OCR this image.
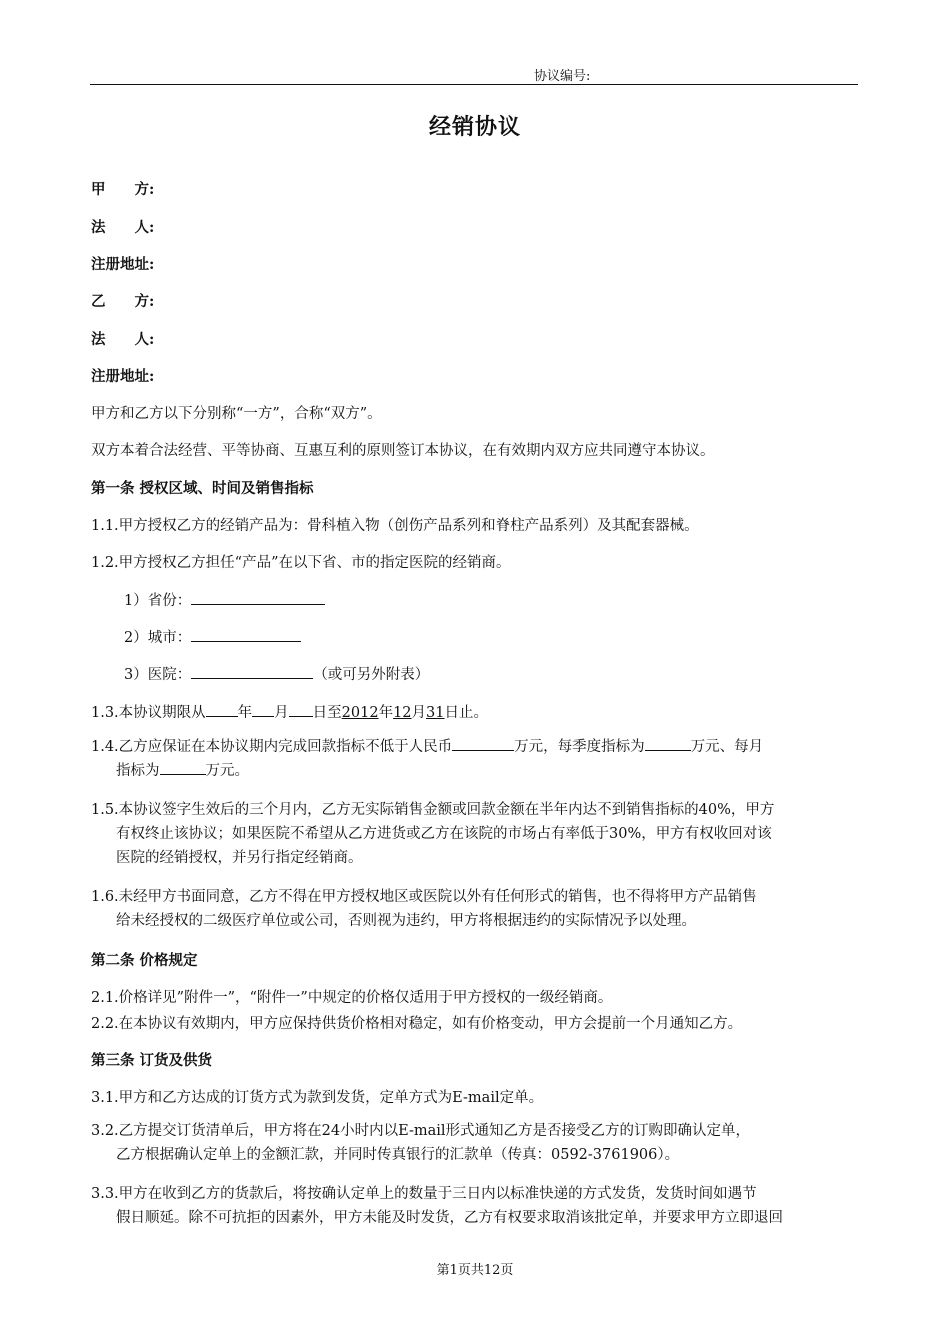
协议编号:
经销协议
甲　　方:
法　　人:
注册地址:
乙　　方:
法　　人:
注册地址:
甲方和乙方以下分别称“一方”，合称“双方”。
双方本着合法经营、平等协商、互惠互利的原则签订本协议，在有效期内双方应共同遵守本协议。
第一条 授权区域、时间及销售指标
1.1.甲方授权乙方的经销产品为：骨科植入物（创伤产品系列和脊柱产品系列）及其配套器械。
1.2.甲方授权乙方担任“产品”在以下省、市的指定医院的经销商。
1）省份：
2）城市：
3）医院：	（或可另外附表）
1.3.本协议期限从 年 月 日至2012年12月31日止。
1.4.乙方应保证在本协议期内完成回款指标不低于人民币	万元，每季度指标为	万元、每月
指标为	万元。
1.5.本协议签字生效后的三个月内，乙方无实际销售金额或回款金额在半年内达不到销售指标的40%，甲方
有权终止该协议；如果医院不希望从乙方进货或乙方在该院的市场占有率低于30%，甲方有权收回对该
医院的经销授权，并另行指定经销商。
1.6.未经甲方书面同意，乙方不得在甲方授权地区或医院以外有任何形式的销售，也不得将甲方产品销售
给未经授权的二级医疗单位或公司，否则视为违约，甲方将根据违约的实际情况予以处理。
第二条 价格规定
2.1.价格详见”附件一”，“附件一”中规定的价格仅适用于甲方授权的一级经销商。
2.2.在本协议有效期内，甲方应保持供货价格相对稳定，如有价格变动，甲方会提前一个月通知乙方。
第三条 订货及供货
3.1.甲方和乙方达成的订货方式为款到发货，定单方式为E-mail定单。
3.2.乙方提交订货清单后，甲方将在24小时内以E-mail形式通知乙方是否接受乙方的订购即确认定单，
乙方根据确认定单上的金额汇款，并同时传真银行的汇款单（传真：0592-3761906）。
3.3.甲方在收到乙方的货款后，将按确认定单上的数量于三日内以标准快递的方式发货，发货时间如遇节
假日顺延。除不可抗拒的因素外，甲方未能及时发货，乙方有权要求取消该批定单，并要求甲方立即退回
第1页共12页
